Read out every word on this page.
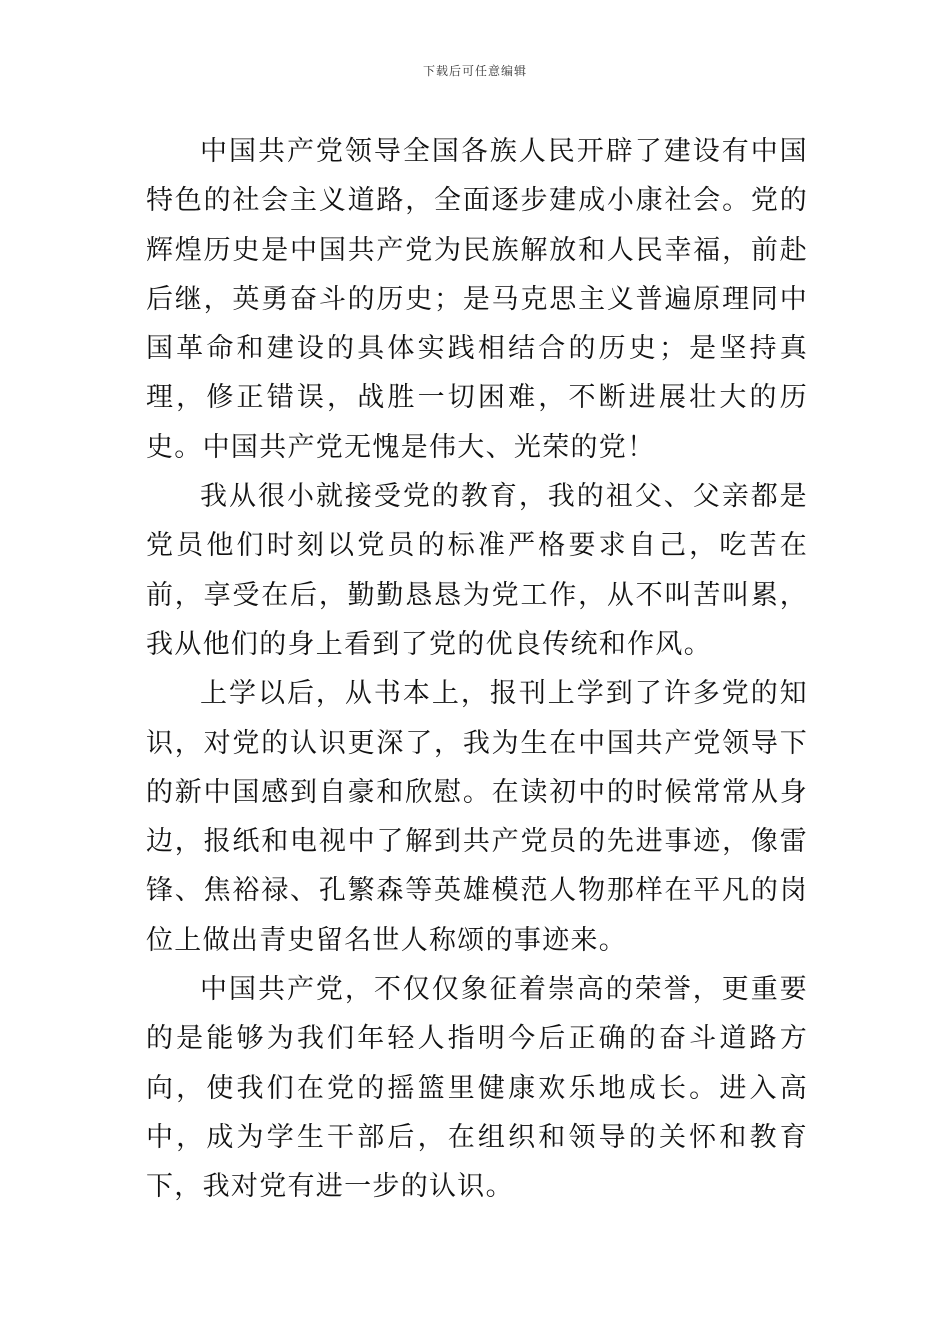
下载后可任意编辑

中国共产党领导全国各族人民开辟了建设有中国特色的社会主义道路，全面逐步建成小康社会。党的辉煌历史是中国共产党为民族解放和人民幸福，前赴后继，英勇奋斗的历史；是马克思主义普遍原理同中国革命和建设的具体实践相结合的历史；是坚持真理，修正错误，战胜一切困难，不断进展壮大的历史。中国共产党无愧是伟大、光荣的党！

我从很小就接受党的教育，我的祖父、父亲都是党员他们时刻以党员的标准严格要求自己，吃苦在前，享受在后，勤勤恳恳为党工作，从不叫苦叫累，我从他们的身上看到了党的优良传统和作风。

上学以后，从书本上，报刊上学到了许多党的知识，对党的认识更深了，我为生在中国共产党领导下的新中国感到自豪和欣慰。在读初中的时候常常从身边，报纸和电视中了解到共产党员的先进事迹，像雷锋、焦裕禄、孔繁森等英雄模范人物那样在平凡的岗位上做出青史留名世人称颂的事迹来。

中国共产党，不仅仅象征着崇高的荣誉，更重要的是能够为我们年轻人指明今后正确的奋斗道路方向，使我们在党的摇篮里健康欢乐地成长。进入高中，成为学生干部后，在组织和领导的关怀和教育下，我对党有进一步的认识。
